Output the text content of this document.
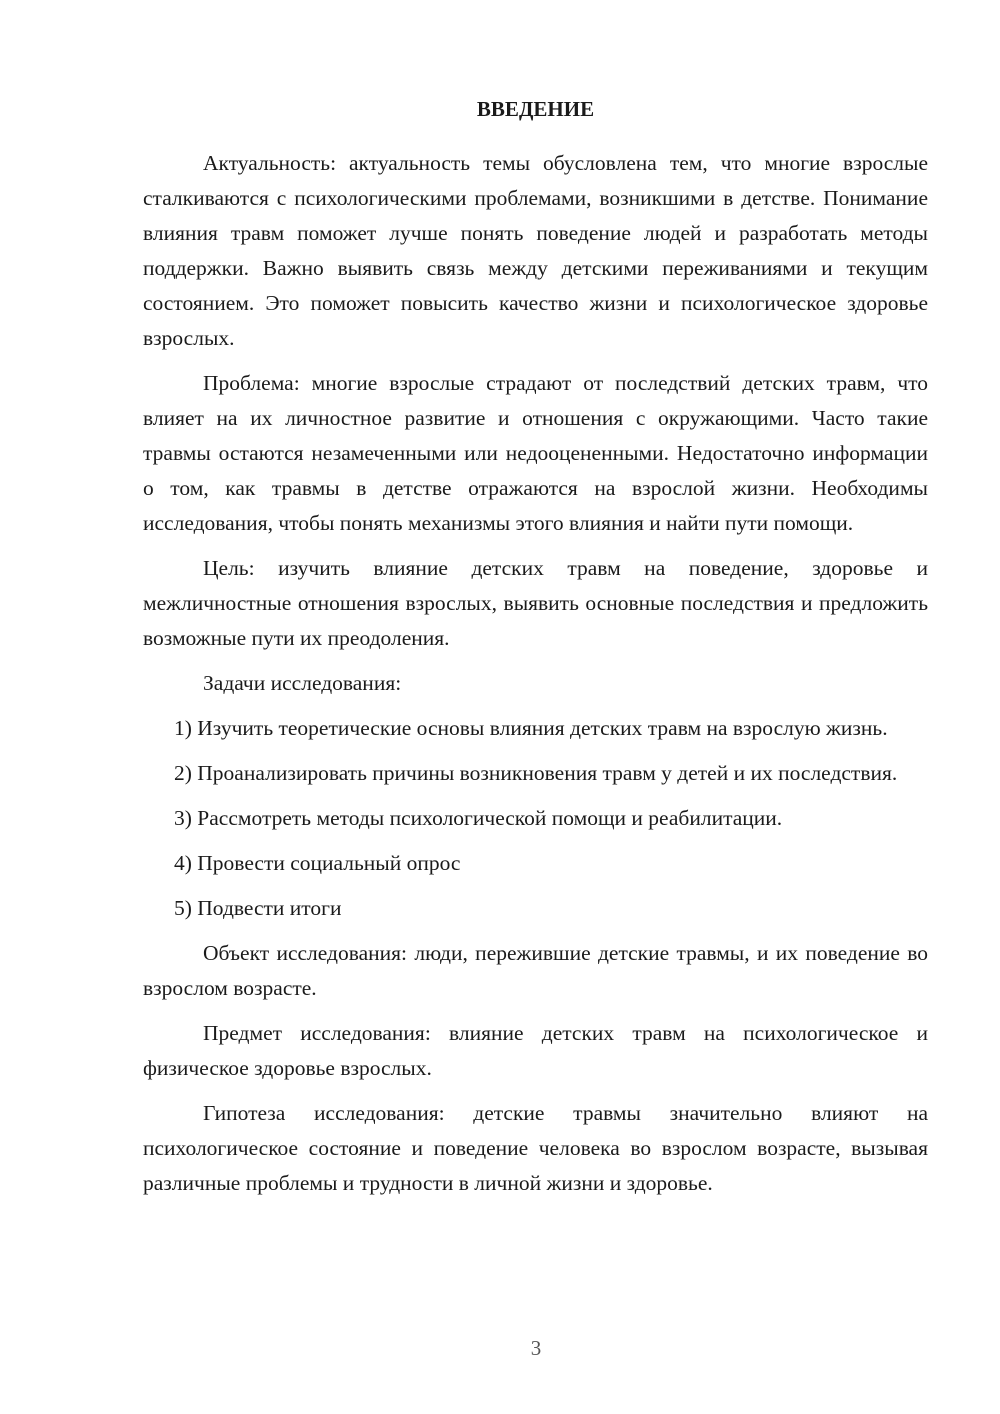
ВВЕДЕНИЕ

Актуальность: актуальность темы обусловлена тем, что многие взрослые сталкиваются с психологическими проблемами, возникшими в детстве. Понимание влияния травм поможет лучше понять поведение людей и разработать методы поддержки. Важно выявить связь между детскими переживаниями и текущим состоянием. Это поможет повысить качество жизни и психологическое здоровье взрослых.

Проблема: многие взрослые страдают от последствий детских травм, что влияет на их личностное развитие и отношения с окружающими. Часто такие травмы остаются незамеченными или недооцененными. Недостаточно информации о том, как травмы в детстве отражаются на взрослой жизни. Необходимы исследования, чтобы понять механизмы этого влияния и найти пути помощи.

Цель: изучить влияние детских травм на поведение, здоровье и межличностные отношения взрослых, выявить основные последствия и предложить возможные пути их преодоления.

Задачи исследования:

1) Изучить теоретические основы влияния детских травм на взрослую жизнь.

2) Проанализировать причины возникновения травм у детей и их последствия.

3) Рассмотреть методы психологической помощи и реабилитации.

4) Провести социальный опрос

5) Подвести итоги

Объект исследования: люди, пережившие детские травмы, и их поведение во взрослом возрасте.

Предмет исследования: влияние детских травм на психологическое и физическое здоровье взрослых.

Гипотеза исследования: детские травмы значительно влияют на психологическое состояние и поведение человека во взрослом возрасте, вызывая различные проблемы и трудности в личной жизни и здоровье.

3
